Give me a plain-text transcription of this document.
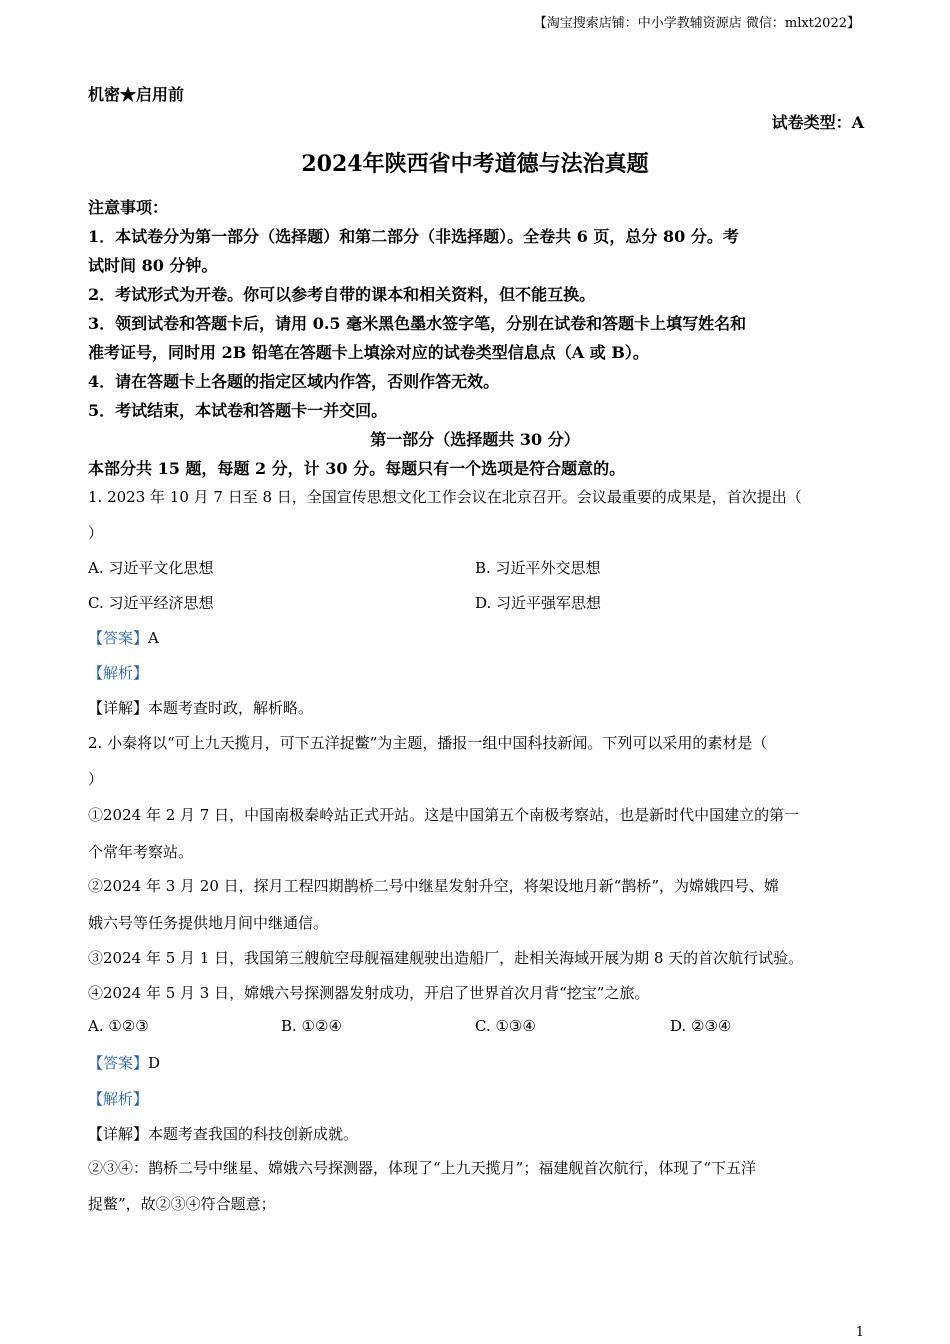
【淘宝搜索店铺：中小学教辅资源店 微信：mlxt2022】
机密★启用前
试卷类型：A
2024年陕西省中考道德与法治真题
注意事项：
1．本试卷分为第一部分（选择题）和第二部分（非选择题）。全卷共 6 页，总分 80 分。考
试时间 80 分钟。
2．考试形式为开卷。你可以参考自带的课本和相关资料，但不能互换。
3．领到试卷和答题卡后，请用 0.5 毫米黑色墨水签字笔，分别在试卷和答题卡上填写姓名和
准考证号，同时用 2B 铅笔在答题卡上填涂对应的试卷类型信息点（A 或 B）。
4．请在答题卡上各题的指定区域内作答，否则作答无效。
5．考试结束，本试卷和答题卡一并交回。
第一部分（选择题共 30 分）
本部分共 15 题，每题 2 分，计 30 分。每题只有一个选项是符合题意的。
1. 2023 年 10 月 7 日至 8 日，全国宣传思想文化工作会议在北京召开。会议最重要的成果是，首次提出（
）
A. 习近平文化思想	B. 习近平外交思想
C. 习近平经济思想	D. 习近平强军思想
【答案】A
【解析】
【详解】本题考查时政，解析略。
2. 小秦将以“可上九天揽月，可下五洋捉鳖”为主题，播报一组中国科技新闻。下列可以采用的素材是（
）
①2024 年 2 月 7 日，中国南极秦岭站正式开站。这是中国第五个南极考察站，也是新时代中国建立的第一
个常年考察站。
②2024 年 3 月 20 日，探月工程四期鹊桥二号中继星发射升空，将架设地月新“鹊桥”，为嫦娥四号、嫦
娥六号等任务提供地月间中继通信。
③2024 年 5 月 1 日，我国第三艘航空母舰福建舰驶出造船厂，赴相关海域开展为期 8 天的首次航行试验。
④2024 年 5 月 3 日，嫦娥六号探测器发射成功，开启了世界首次月背“挖宝”之旅。
A. ①②③	B. ①②④	C. ①③④	D. ②③④
【答案】D
【解析】
【详解】本题考查我国的科技创新成就。
②③④：鹊桥二号中继星、嫦娥六号探测器，体现了“上九天揽月”；福建舰首次航行，体现了“下五洋
捉鳖”，故②③④符合题意；
1
